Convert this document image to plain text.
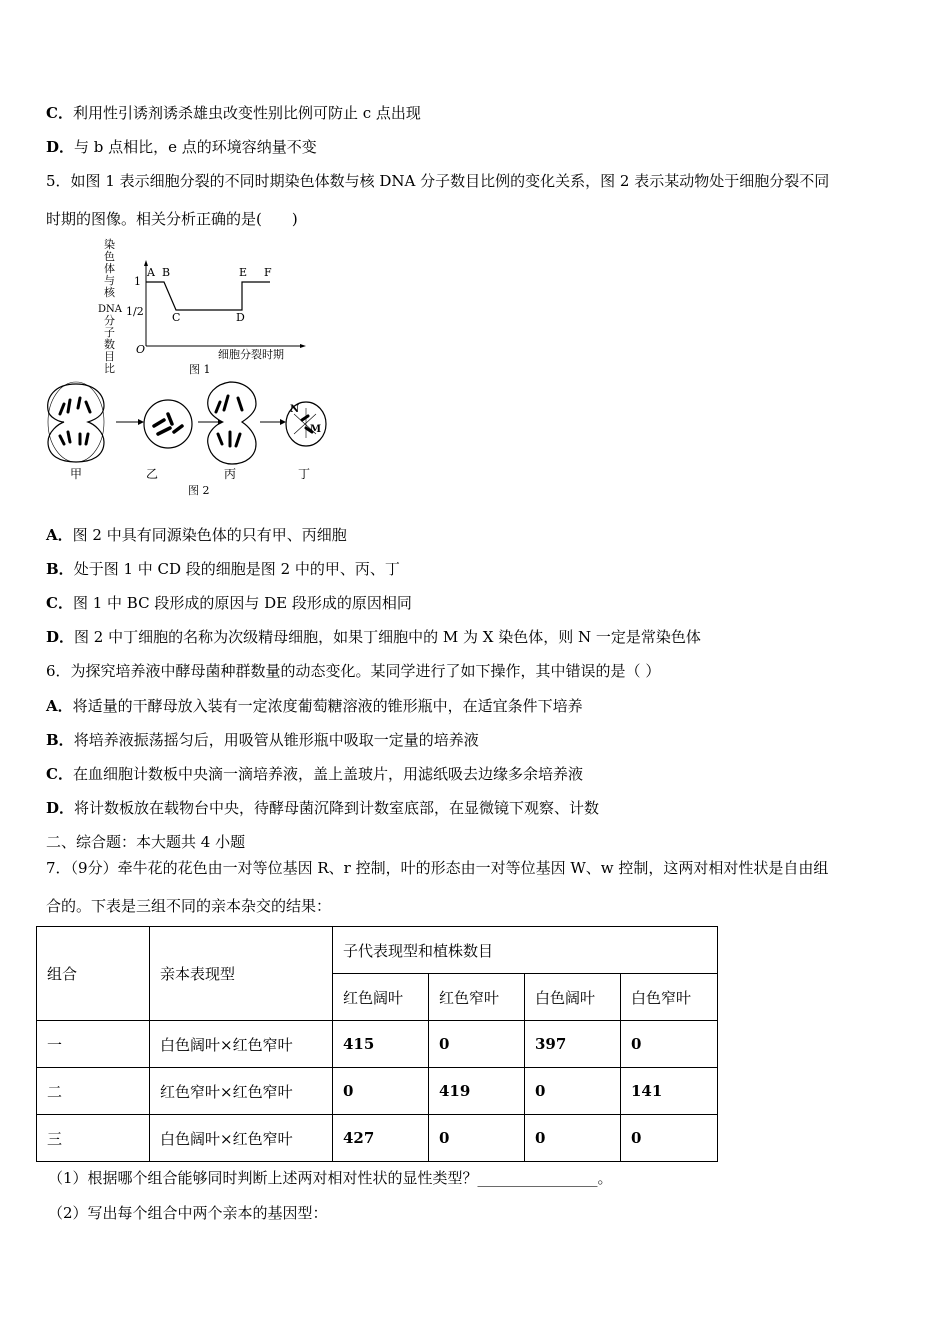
C．利用性引诱剂诱杀雄虫改变性别比例可防止 c 点出现
D．与 b 点相比，e 点的环境容纳量不变
5．如图 1 表示细胞分裂的不同时期染色体数与核 DNA 分子数目比例的变化关系，图 2 表示某动物处于细胞分裂不同
时期的图像。相关分析正确的是(　　)
染
色
体
与
核
DNA
分
子
数
目
比
1
1/2
O
A B
C	D
E F
细胞分裂时期
图 1
N
M
甲	乙	丙	丁
图 2
A．图 2 中具有同源染色体的只有甲、丙细胞
B．处于图 1 中 CD 段的细胞是图 2 中的甲、丙、丁
C．图 1 中 BC 段形成的原因与 DE 段形成的原因相同
D．图 2 中丁细胞的名称为次级精母细胞，如果丁细胞中的 M 为 X 染色体，则 N 一定是常染色体
6．为探究培养液中酵母菌种群数量的动态变化。某同学进行了如下操作，其中错误的是（ ）
A．将适量的干酵母放入装有一定浓度葡萄糖溶液的锥形瓶中，在适宜条件下培养
B．将培养液振荡摇匀后，用吸管从锥形瓶中吸取一定量的培养液
C．在血细胞计数板中央滴一滴培养液，盖上盖玻片，用滤纸吸去边缘多余培养液
D．将计数板放在载物台中央，待酵母菌沉降到计数室底部，在显微镜下观察、计数
二、综合题：本大题共 4 小题
7．（9分）牵牛花的花色由一对等位基因 R、r 控制，叶的形态由一对等位基因 W、w 控制，这两对相对性状是自由组
合的。下表是三组不同的亲本杂交的结果：
组合	亲本表现型	子代表现型和植株数目			
		红色阔叶	红色窄叶	白色阔叶	白色窄叶
一	白色阔叶×红色窄叶	415	0	397	0
二	红色窄叶×红色窄叶	0	419	0	141
三	白色阔叶×红色窄叶	427	0	0	0
（1）根据哪个组合能够同时判断上述两对相对性状的显性类型？________________。
（2）写出每个组合中两个亲本的基因型：
